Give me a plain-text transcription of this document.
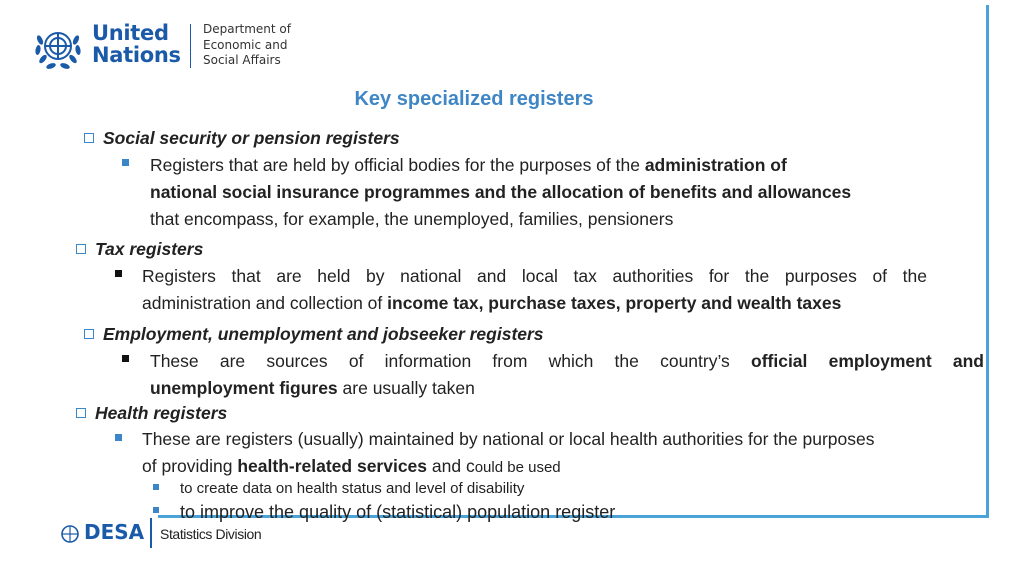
United
Nations
Department of
Economic and
Social Affairs
Key specialized registers
Social security or pension registers
Registers that are held by official bodies for the purposes of the administration of
national social insurance programmes and the allocation of benefits and allowances
that encompass, for example, the unemployed, families, pensioners
Tax registers
Registers that are held by national and local tax authorities for the purposes of the
administration and collection of income tax, purchase taxes, property and wealth taxes
Employment, unemployment and jobseeker registers
These are sources of information from which the country’s official employment and
unemployment figures are usually taken
Health registers
These are registers (usually) maintained by national or local health authorities for the purposes
of providing health-related services and could be used
to create data on health status and level of disability
to improve the quality of (statistical) population register
DESA Statistics Division
